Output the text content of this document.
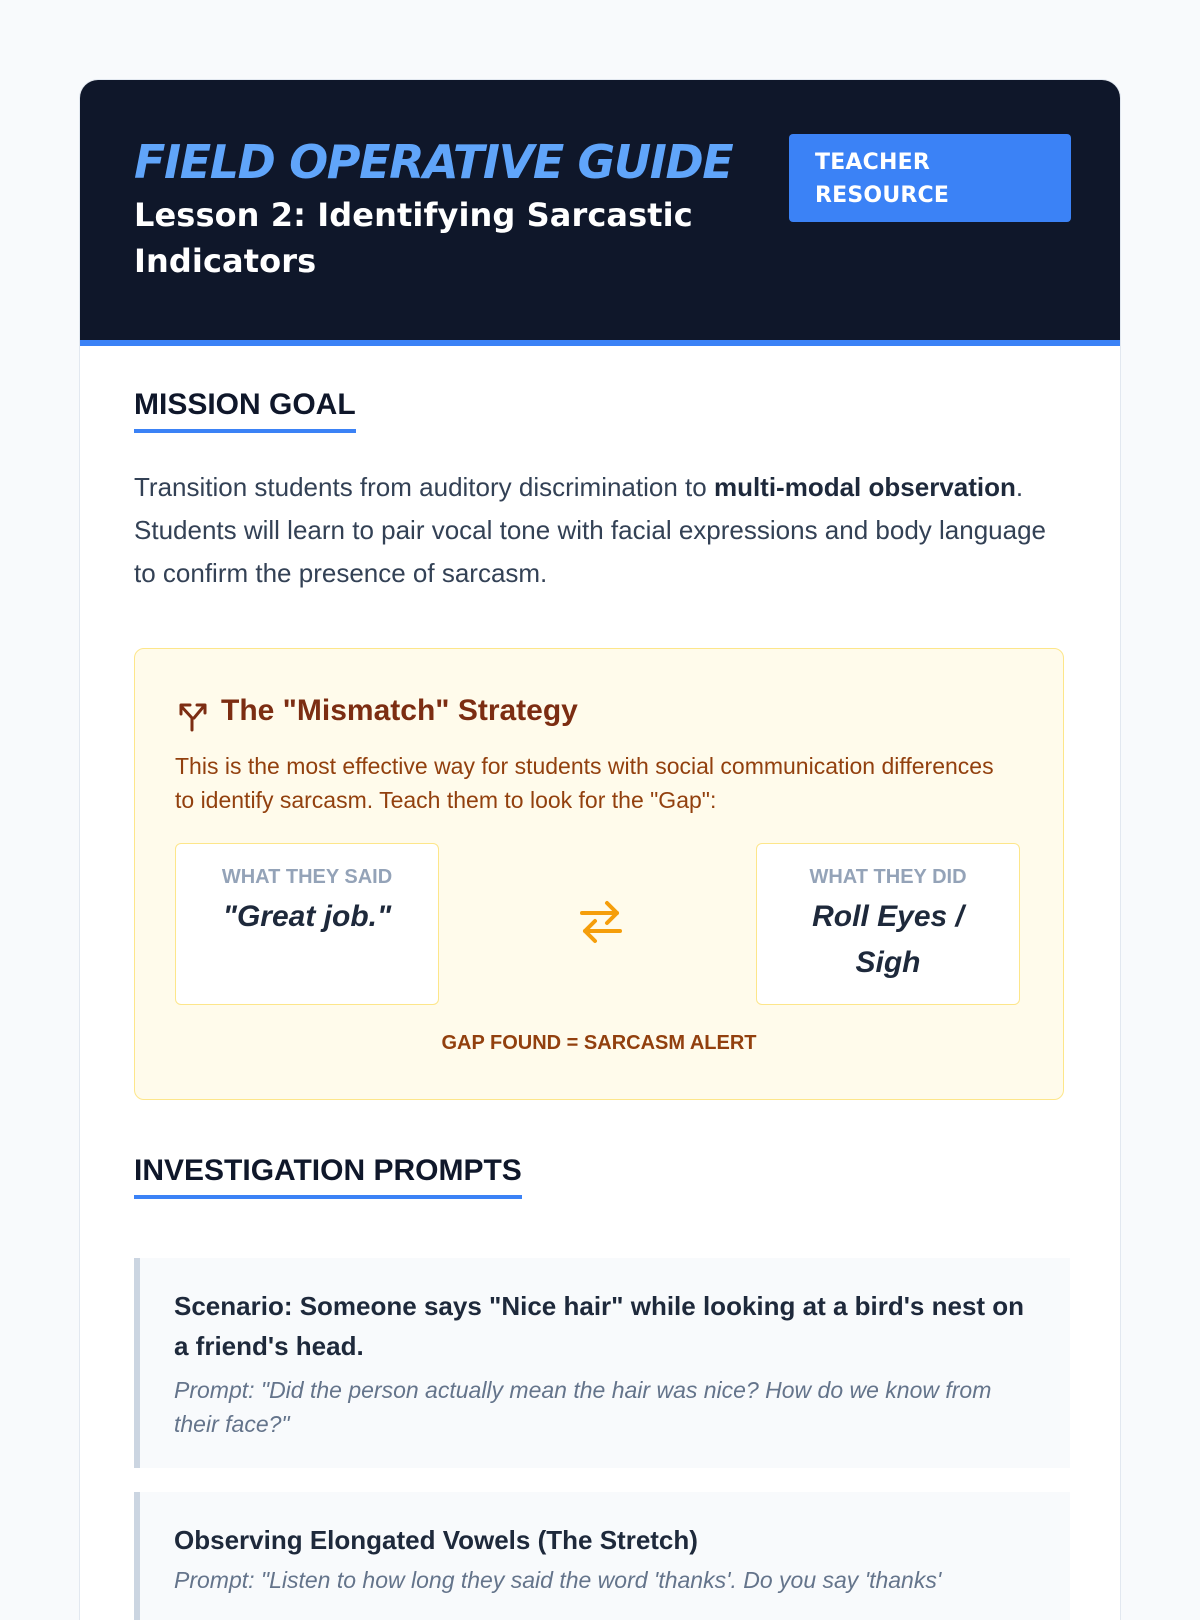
FIELD OPERATIVE GUIDE
Lesson 2: Identifying Sarcastic Indicators
TEACHER RESOURCE
MISSION GOAL

Transition students from auditory discrimination to multi-modal observation. Students will learn to pair vocal tone with facial expressions and body language to confirm the presence of sarcasm.

The "Mismatch" Strategy

This is the most effective way for students with social communication differences to identify sarcasm. Teach them to look for the "Gap":

WHAT THEY SAID
"Great job."
WHAT THEY DID
Roll Eyes / Sigh

GAP FOUND = SARCASM ALERT

INVESTIGATION PROMPTS

Scenario: Someone says "Nice hair" while looking at a bird's nest on a friend's head.

Prompt: "Did the person actually mean the hair was nice? How do we know from their face?"

Observing Elongated Vowels (The Stretch)

Prompt: "Listen to how long they said the word 'thanks'. Do you say 'thanks'
